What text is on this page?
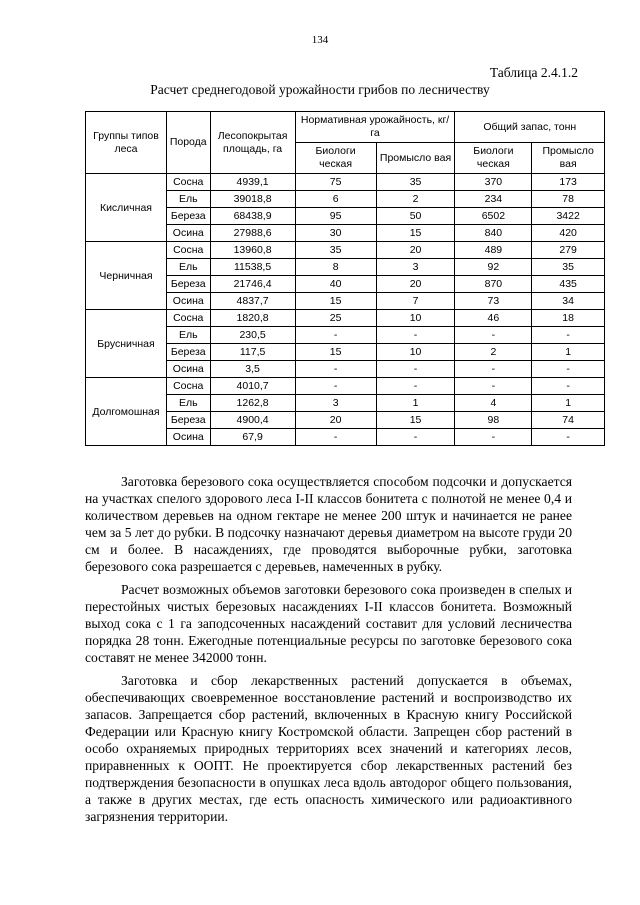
134
Таблица 2.4.1.2
Расчет среднегодовой урожайности грибов по лесничеству
Группы типов леса	Порода	Лесопокрытая площадь, га	Нормативная урожайность, кг/га		Общий запас, тонн	
			Биологи ческая	Промысло вая	Биологи ческая	Промысло вая
Кисличная	Сосна	4939,1	75	35	370	173
	Ель	39018,8	6	2	234	78
	Береза	68438,9	95	50	6502	3422
	Осина	27988,6	30	15	840	420
Черничная	Сосна	13960,8	35	20	489	279
	Ель	11538,5	8	3	92	35
	Береза	21746,4	40	20	870	435
	Осина	4837,7	15	7	73	34
Брусничная	Сосна	1820,8	25	10	46	18
	Ель	230,5	-	-	-	-
	Береза	117,5	15	10	2	1
	Осина	3,5	-	-	-	-
Долгомошная	Сосна	4010,7	-	-	-	-
	Ель	1262,8	3	1	4	1
	Береза	4900,4	20	15	98	74
	Осина	67,9	-	-	-	-

Заготовка березового сока осуществляется способом подсочки и допускается на участках спелого здорового леса I-II классов бонитета с полнотой не менее 0,4 и количеством деревьев на одном гектаре не менее 200 штук и начинается не ранее чем за 5 лет до рубки. В подсочку назначают деревья диаметром на высоте груди 20 см и более. В насаждениях, где проводятся выборочные рубки, заготовка березового сока разрешается с деревьев, намеченных в рубку.

Расчет возможных объемов заготовки березового сока произведен в спелых и перестойных чистых березовых насаждениях I-II классов бонитета. Возможный выход сока с 1 га заподсоченных насаждений составит для условий лесничества порядка 28 тонн. Ежегодные потенциальные ресурсы по заготовке березового сока составят не менее 342000 тонн.

Заготовка и сбор лекарственных растений допускается в объемах, обеспечивающих своевременное восстановление растений и воспроизводство их запасов. Запрещается сбор растений, включенных в Красную книгу Российской Федерации или Красную книгу Костромской области. Запрещен сбор растений в особо охраняемых природных территориях всех значений и категориях лесов, приравненных к ООПТ. Не проектируется сбор лекарственных растений без подтверждения безопасности в опушках леса вдоль автодорог общего пользования, а также в других местах, где есть опасность химического или радиоактивного загрязнения территории.
